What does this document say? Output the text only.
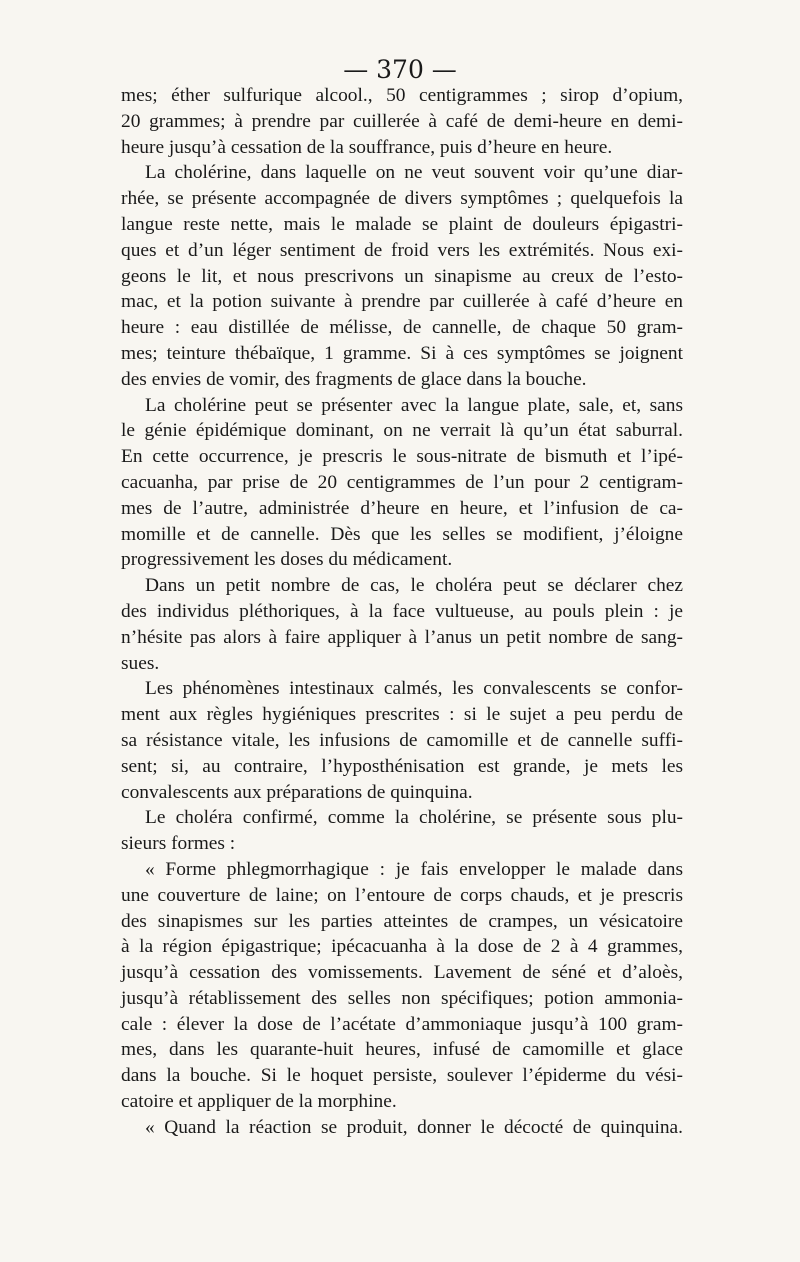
— 370 —
mes; éther sulfurique alcool., 50 centigrammes ; sirop d’opium,
20 grammes; à prendre par cuillerée à café de demi-heure en demi-
heure jusqu’à cessation de la souffrance, puis d’heure en heure.
La cholérine, dans laquelle on ne veut souvent voir qu’une diar-
rhée, se présente accompagnée de divers symptômes ; quelquefois la
langue reste nette, mais le malade se plaint de douleurs épigastri-
ques et d’un léger sentiment de froid vers les extrémités. Nous exi-
geons le lit, et nous prescrivons un sinapisme au creux de l’esto-
mac, et la potion suivante à prendre par cuillerée à café d’heure en
heure : eau distillée de mélisse, de cannelle, de chaque 50 gram-
mes; teinture thébaïque, 1 gramme. Si à ces symptômes se joignent
des envies de vomir, des fragments de glace dans la bouche.
La cholérine peut se présenter avec la langue plate, sale, et, sans
le génie épidémique dominant, on ne verrait là qu’un état saburral.
En cette occurrence, je prescris le sous-nitrate de bismuth et l’ipé-
cacuanha, par prise de 20 centigrammes de l’un pour 2 centigram-
mes de l’autre, administrée d’heure en heure, et l’infusion de ca-
momille et de cannelle. Dès que les selles se modifient, j’éloigne
progressivement les doses du médicament.
Dans un petit nombre de cas, le choléra peut se déclarer chez
des individus pléthoriques, à la face vultueuse, au pouls plein : je
n’hésite pas alors à faire appliquer à l’anus un petit nombre de sang-
sues.
Les phénomènes intestinaux calmés, les convalescents se confor-
ment aux règles hygiéniques prescrites : si le sujet a peu perdu de
sa résistance vitale, les infusions de camomille et de cannelle suffi-
sent; si, au contraire, l’hyposthénisation est grande, je mets les
convalescents aux préparations de quinquina.
Le choléra confirmé, comme la cholérine, se présente sous plu-
sieurs formes :
« Forme phlegmorrhagique : je fais envelopper le malade dans
une couverture de laine; on l’entoure de corps chauds, et je prescris
des sinapismes sur les parties atteintes de crampes, un vésicatoire
à la région épigastrique; ipécacuanha à la dose de 2 à 4 grammes,
jusqu’à cessation des vomissements. Lavement de séné et d’aloès,
jusqu’à rétablissement des selles non spécifiques; potion ammonia-
cale : élever la dose de l’acétate d’ammoniaque jusqu’à 100 gram-
mes, dans les quarante-huit heures, infusé de camomille et glace
dans la bouche. Si le hoquet persiste, soulever l’épiderme du vési-
catoire et appliquer de la morphine.
« Quand la réaction se produit, donner le décocté de quinquina.
